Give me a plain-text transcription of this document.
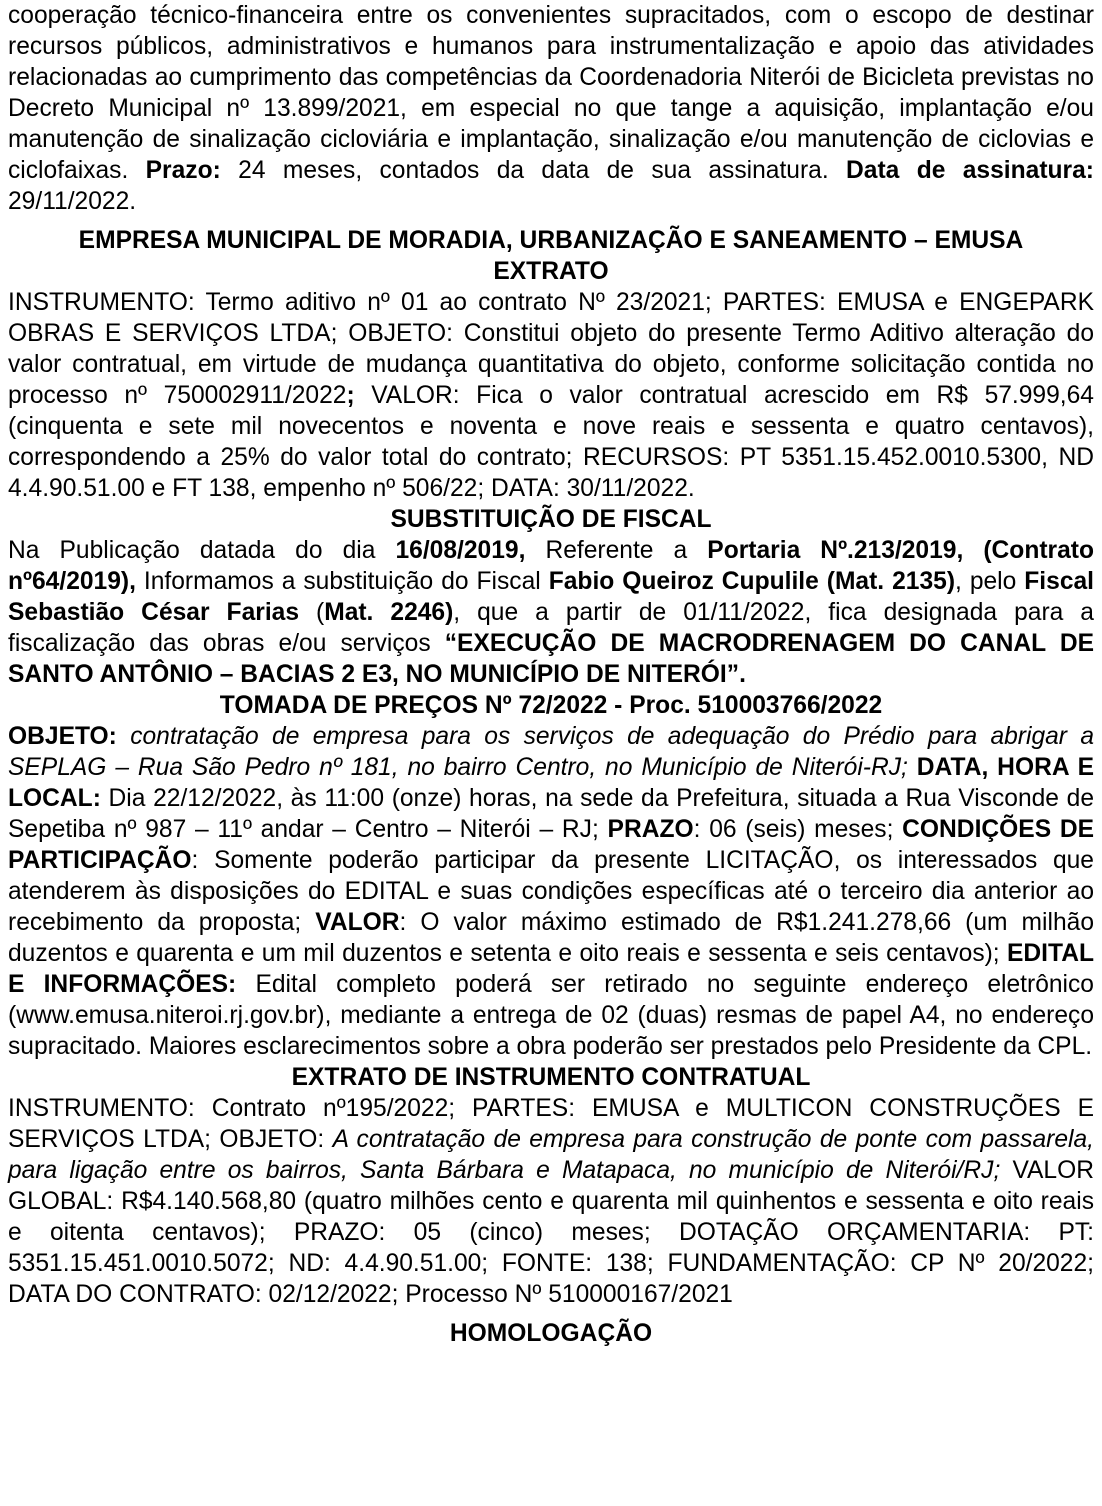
cooperação técnico-financeira entre os convenientes supracitados, com o escopo de destinar recursos públicos, administrativos e humanos para instrumentalização e apoio das atividades relacionadas ao cumprimento das competências da Coordenadoria Niterói de Bicicleta previstas no Decreto Municipal nº 13.899/2021, em especial no que tange a aquisição, implantação e/ou manutenção de sinalização cicloviária e implantação, sinalização e/ou manutenção de ciclovias e ciclofaixas. Prazo: 24 meses, contados da data de sua assinatura. Data de assinatura: 29/11/2022.

EMPRESA MUNICIPAL DE MORADIA, URBANIZAÇÃO E SANEAMENTO – EMUSA
EXTRATO

INSTRUMENTO: Termo aditivo nº 01 ao contrato Nº 23/2021; PARTES: EMUSA e ENGEPARK OBRAS E SERVIÇOS LTDA; OBJETO: Constitui objeto do presente Termo Aditivo alteração do valor contratual, em virtude de mudança quantitativa do objeto, conforme solicitação contida no processo nº 750002911/2022; VALOR: Fica o valor contratual acrescido em R$ 57.999,64 (cinquenta e sete mil novecentos e noventa e nove reais e sessenta e quatro centavos), correspondendo a 25% do valor total do contrato; RECURSOS: PT 5351.15.452.0010.5300, ND 4.4.90.51.00 e FT 138, empenho nº 506/22; DATA: 30/11/2022.

SUBSTITUIÇÃO DE FISCAL

Na Publicação datada do dia 16/08/2019, Referente a Portaria Nº.213/2019, (Contrato nº64/2019), Informamos a substituição do Fiscal Fabio Queiroz Cupulile (Mat. 2135), pelo Fiscal Sebastião César Farias (Mat. 2246), que a partir de 01/11/2022, fica designada para a fiscalização das obras e/ou serviços “EXECUÇÃO DE MACRODRENAGEM DO CANAL DE SANTO ANTÔNIO – BACIAS 2 E3, NO MUNICÍPIO DE NITERÓI”.

TOMADA DE PREÇOS Nº 72/2022 - Proc. 510003766/2022

OBJETO: contratação de empresa para os serviços de adequação do Prédio para abrigar a SEPLAG – Rua São Pedro nº 181, no bairro Centro, no Município de Niterói-RJ; DATA, HORA E LOCAL: Dia 22/12/2022, às 11:00 (onze) horas, na sede da Prefeitura, situada a Rua Visconde de Sepetiba nº 987 – 11º andar – Centro – Niterói – RJ; PRAZO: 06 (seis) meses; CONDIÇÕES DE PARTICIPAÇÃO: Somente poderão participar da presente LICITAÇÃO, os interessados que atenderem às disposições do EDITAL e suas condições específicas até o terceiro dia anterior ao recebimento da proposta; VALOR: O valor máximo estimado de R$1.241.278,66 (um milhão duzentos e quarenta e um mil duzentos e setenta e oito reais e sessenta e seis centavos); EDITAL E INFORMAÇÕES: Edital completo poderá ser retirado no seguinte endereço eletrônico (www.emusa.niteroi.rj.gov.br), mediante a entrega de 02 (duas) resmas de papel A4, no endereço supracitado. Maiores esclarecimentos sobre a obra poderão ser prestados pelo Presidente da CPL.

EXTRATO DE INSTRUMENTO CONTRATUAL

INSTRUMENTO: Contrato nº195/2022; PARTES: EMUSA e MULTICON CONSTRUÇÕES E SERVIÇOS LTDA; OBJETO: A contratação de empresa para construção de ponte com passarela, para ligação entre os bairros, Santa Bárbara e Matapaca, no município de Niterói/RJ; VALOR GLOBAL: R$4.140.568,80 (quatro milhões cento e quarenta mil quinhentos e sessenta e oito reais e oitenta centavos); PRAZO: 05 (cinco) meses; DOTAÇÃO ORÇAMENTARIA: PT: 5351.15.451.0010.5072; ND: 4.4.90.51.00; FONTE: 138; FUNDAMENTAÇÃO: CP Nº 20/2022; DATA DO CONTRATO: 02/12/2022; Processo Nº 510000167/2021

HOMOLOGAÇÃO
